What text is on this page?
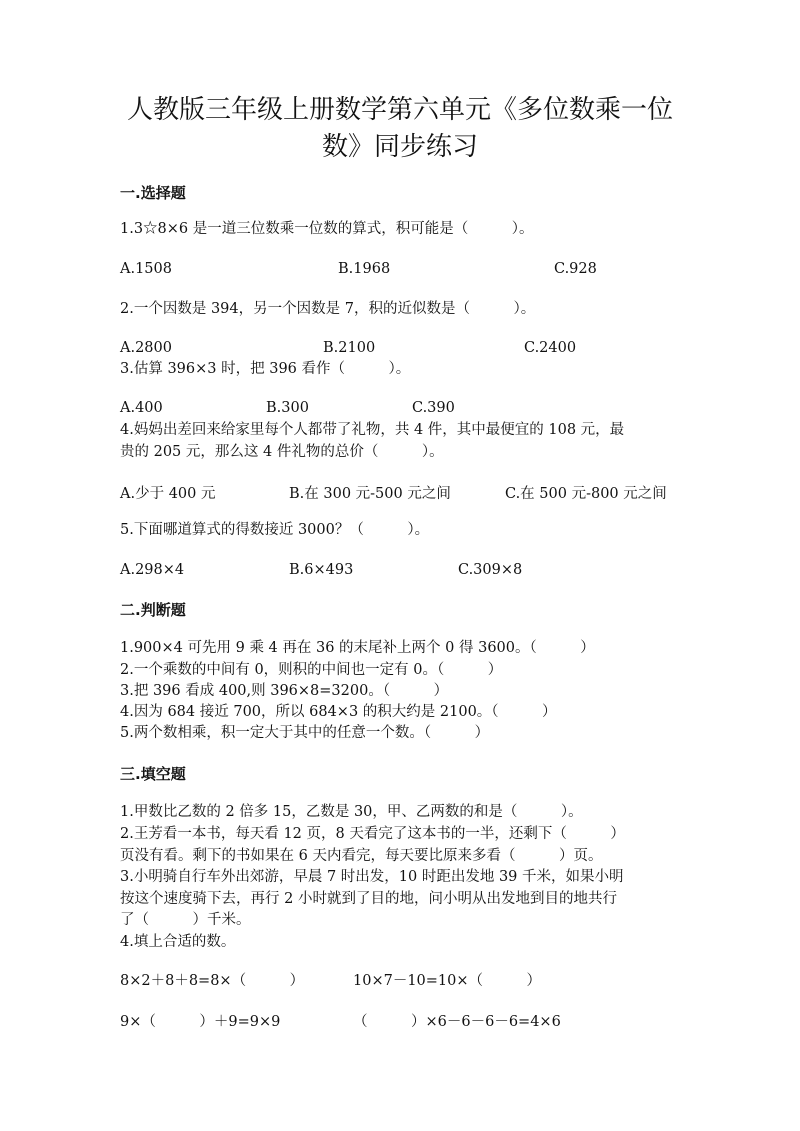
人教版三年级上册数学第六单元《多位数乘一位
数》同步练习
一.选择题
1.3☆8×6 是一道三位数乘一位数的算式，积可能是（　　　）。
A.1508	B.1968	C.928
2.一个因数是 394，另一个因数是 7，积的近似数是（　　　）。
A.2800	B.2100	C.2400
3.估算 396×3 时，把 396 看作（　　　）。
A.400	B.300	C.390
4.妈妈出差回来给家里每个人都带了礼物，共 4 件，其中最便宜的 108 元，最
贵的 205 元，那么这 4 件礼物的总价（　　　）。
A.少于 400 元	B.在 300 元-500 元之间	C.在 500 元-800 元之间
5.下面哪道算式的得数接近 3000？（　　　）。
A.298×4	B.6×493	C.309×8
二.判断题
1.900×4 可先用 9 乘 4 再在 36 的末尾补上两个 0 得 3600。（　　　）
2.一个乘数的中间有 0，则积的中间也一定有 0。（　　　）
3.把 396 看成 400,则 396×8=3200。（　　　）
4.因为 684 接近 700，所以 684×3 的积大约是 2100。（　　　）
5.两个数相乘，积一定大于其中的任意一个数。（　　　）
三.填空题
1.甲数比乙数的 2 倍多 15，乙数是 30，甲、乙两数的和是（　　　）。
2.王芳看一本书，每天看 12 页，8 天看完了这本书的一半，还剩下（　　　）
页没有看。剩下的书如果在 6 天内看完，每天要比原来多看（　　　）页。
3.小明骑自行车外出郊游，早晨 7 时出发，10 时距出发地 39 千米，如果小明
按这个速度骑下去，再行 2 小时就到了目的地，问小明从出发地到目的地共行
了（　　　）千米。
4.填上合适的数。
8×2＋8＋8=8×（　　　）	10×7－10=10×（　　　）
9×（　　　）＋9=9×9	（　　　）×6－6－6－6=4×6
